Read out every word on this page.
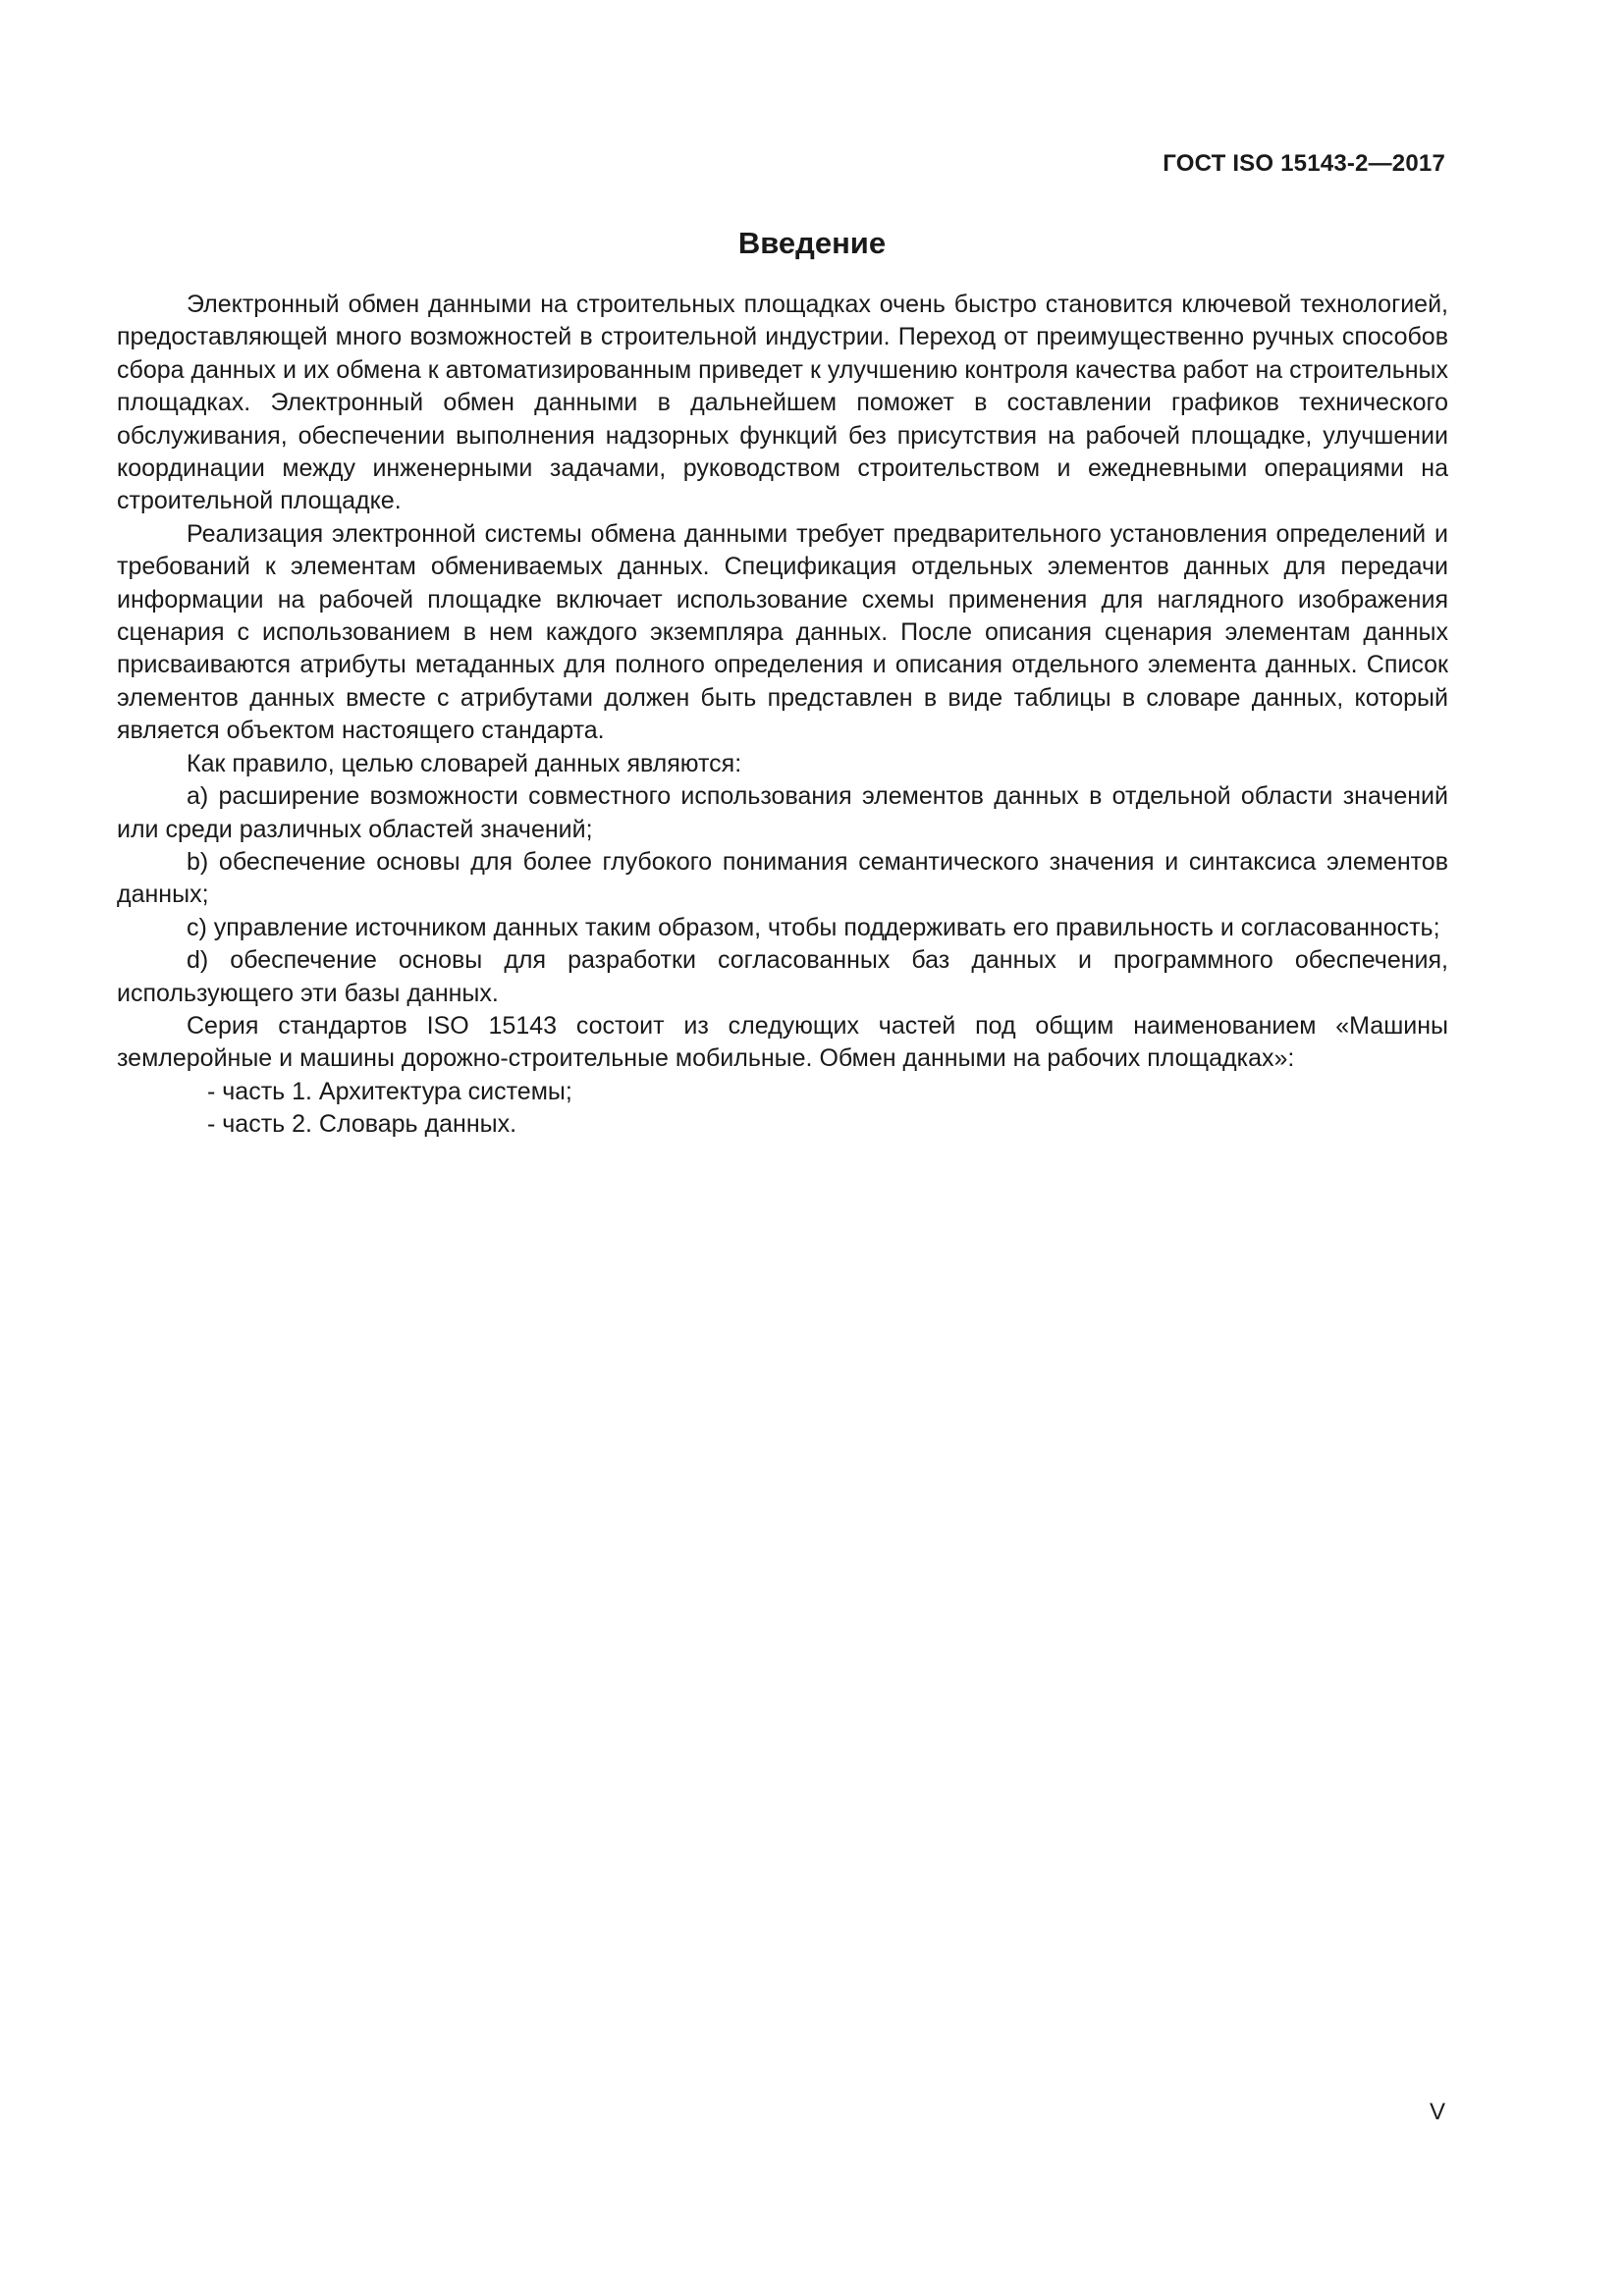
ГОСТ ISO 15143-2—2017
Введение

Электронный обмен данными на строительных площадках очень быстро становится ключевой технологией, предоставляющей много возможностей в строительной индустрии. Переход от преимущественно ручных способов сбора данных и их обмена к автоматизированным приведет к улучшению контроля качества работ на строительных площадках. Электронный обмен данными в дальнейшем поможет в составлении графиков технического обслуживания, обеспечении выполнения надзорных функций без присутствия на рабочей площадке, улучшении координации между инженерными задачами, руководством строительством и ежедневными операциями на строительной площадке.

Реализация электронной системы обмена данными требует предварительного установления определений и требований к элементам обмениваемых данных. Спецификация отдельных элементов данных для передачи информации на рабочей площадке включает использование схемы применения для наглядного изображения сценария с использованием в нем каждого экземпляра данных. После описания сценария элементам данных присваиваются атрибуты метаданных для полного определения и описания отдельного элемента данных. Список элементов данных вместе с атрибутами должен быть представлен в виде таблицы в словаре данных, который является объектом настоящего стандарта.

Как правило, целью словарей данных являются:

a) расширение возможности совместного использования элементов данных в отдельной области значений или среди различных областей значений;

b) обеспечение основы для более глубокого понимания семантического значения и синтаксиса элементов данных;

c) управление источником данных таким образом, чтобы поддерживать его правильность и согласованность;

d) обеспечение основы для разработки согласованных баз данных и программного обеспечения, использующего эти базы данных.

Серия стандартов ISO 15143 состоит из следующих частей под общим наименованием «Машины землеройные и машины дорожно-строительные мобильные. Обмен данными на рабочих площадках»:

- часть 1. Архитектура системы;

- часть 2. Словарь данных.

V
